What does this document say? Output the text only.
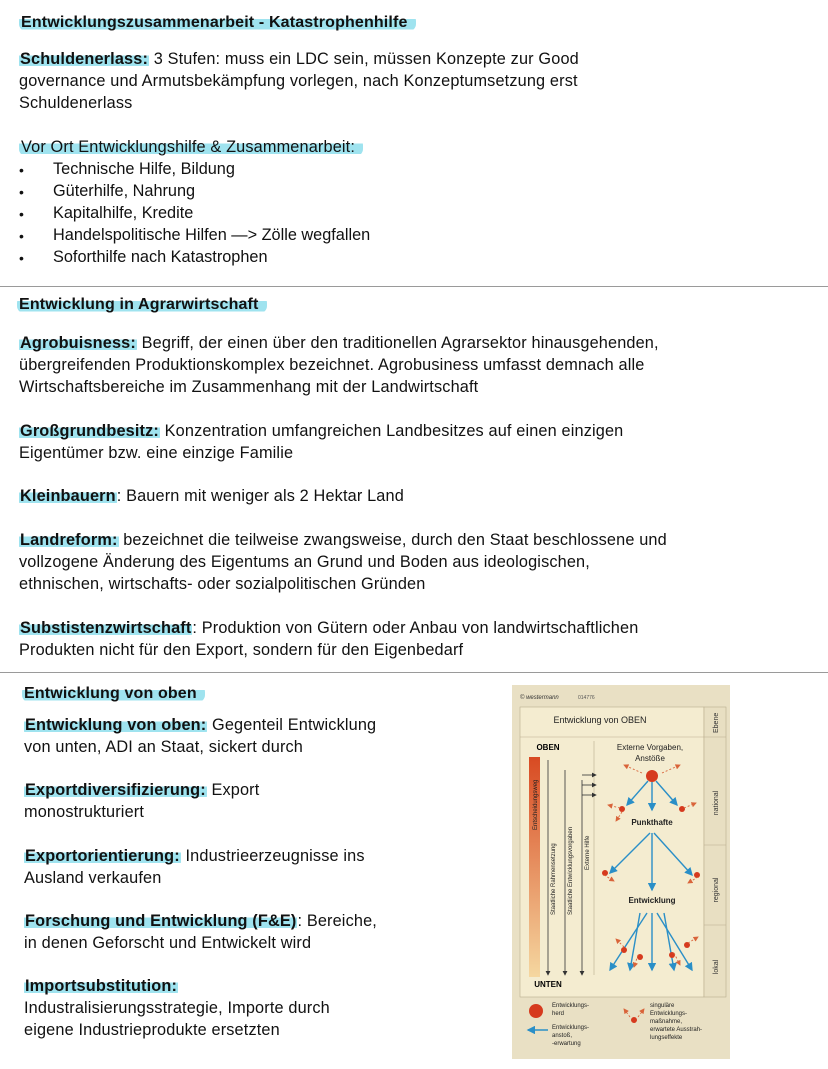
Entwicklungszusammenarbeit - Katastrophenhilfe
Schuldenerlass: 3 Stufen: muss ein LDC sein, müssen Konzepte zur Good
governance und Armutsbekämpfung vorlegen, nach Konzeptumsetzung erst
Schuldenerlass
Vor Ort Entwicklungshilfe & Zusammenarbeit:
• Technische Hilfe, Bildung
• Güterhilfe, Nahrung
• Kapitalhilfe, Kredite
• Handelspolitische Hilfen —> Zölle wegfallen
• Soforthilfe nach Katastrophen
Entwicklung in Agrarwirtschaft
Agrobuisness: Begriff, der einen über den traditionellen Agrarsektor hinausgehenden,
übergreifenden Produktionskomplex bezeichnet. Agrobusiness umfasst demnach alle
Wirtschaftsbereiche im Zusammenhang mit der Landwirtschaft
Großgrundbesitz: Konzentration umfangreichen Landbesitzes auf einen einzigen
Eigentümer bzw. eine einzige Familie
Kleinbauern: Bauern mit weniger als 2 Hektar Land
Landreform: bezeichnet die teilweise zwangsweise, durch den Staat beschlossene und
vollzogene Änderung des Eigentums an Grund und Boden aus ideologischen,
ethnischen, wirtschafts- oder sozialpolitischen Gründen
Substistenzwirtschaft: Produktion von Gütern oder Anbau von landwirtschaftlichen
Produkten nicht für den Export, sondern für den Eigenbedarf
Entwicklung von oben
Entwicklung von oben: Gegenteil Entwicklung
von unten, ADI an Staat, sickert durch
Exportdiversifizierung: Export
monostrukturiert
Exportorientierung: Industrieerzeugnisse ins
Ausland verkaufen
Forschung und Entwicklung (F&E): Bereiche,
in denen Geforscht und Entwickelt wird
Importsubstitution:
Industralisierungsstrategie, Importe durch
eigene Industrieprodukte ersetzten
© westermann	014776
Entwicklung von OBEN	Ebene
OBEN	Externe Vorgaben,
Anstöße
Entscheidungsweg
Staatliche Rahmensetzung Staatliche Entwicklungsvorgaben Externe Hilfe
national
regional
lokal
Punkthafte
Entwicklung
UNTEN
Entwicklungs-
herd
Entwicklungs-
anstoß,
-erwartung
singuläre
Entwicklungs-
maßnahme,
erwartete Ausstrah-
lungseffekte
